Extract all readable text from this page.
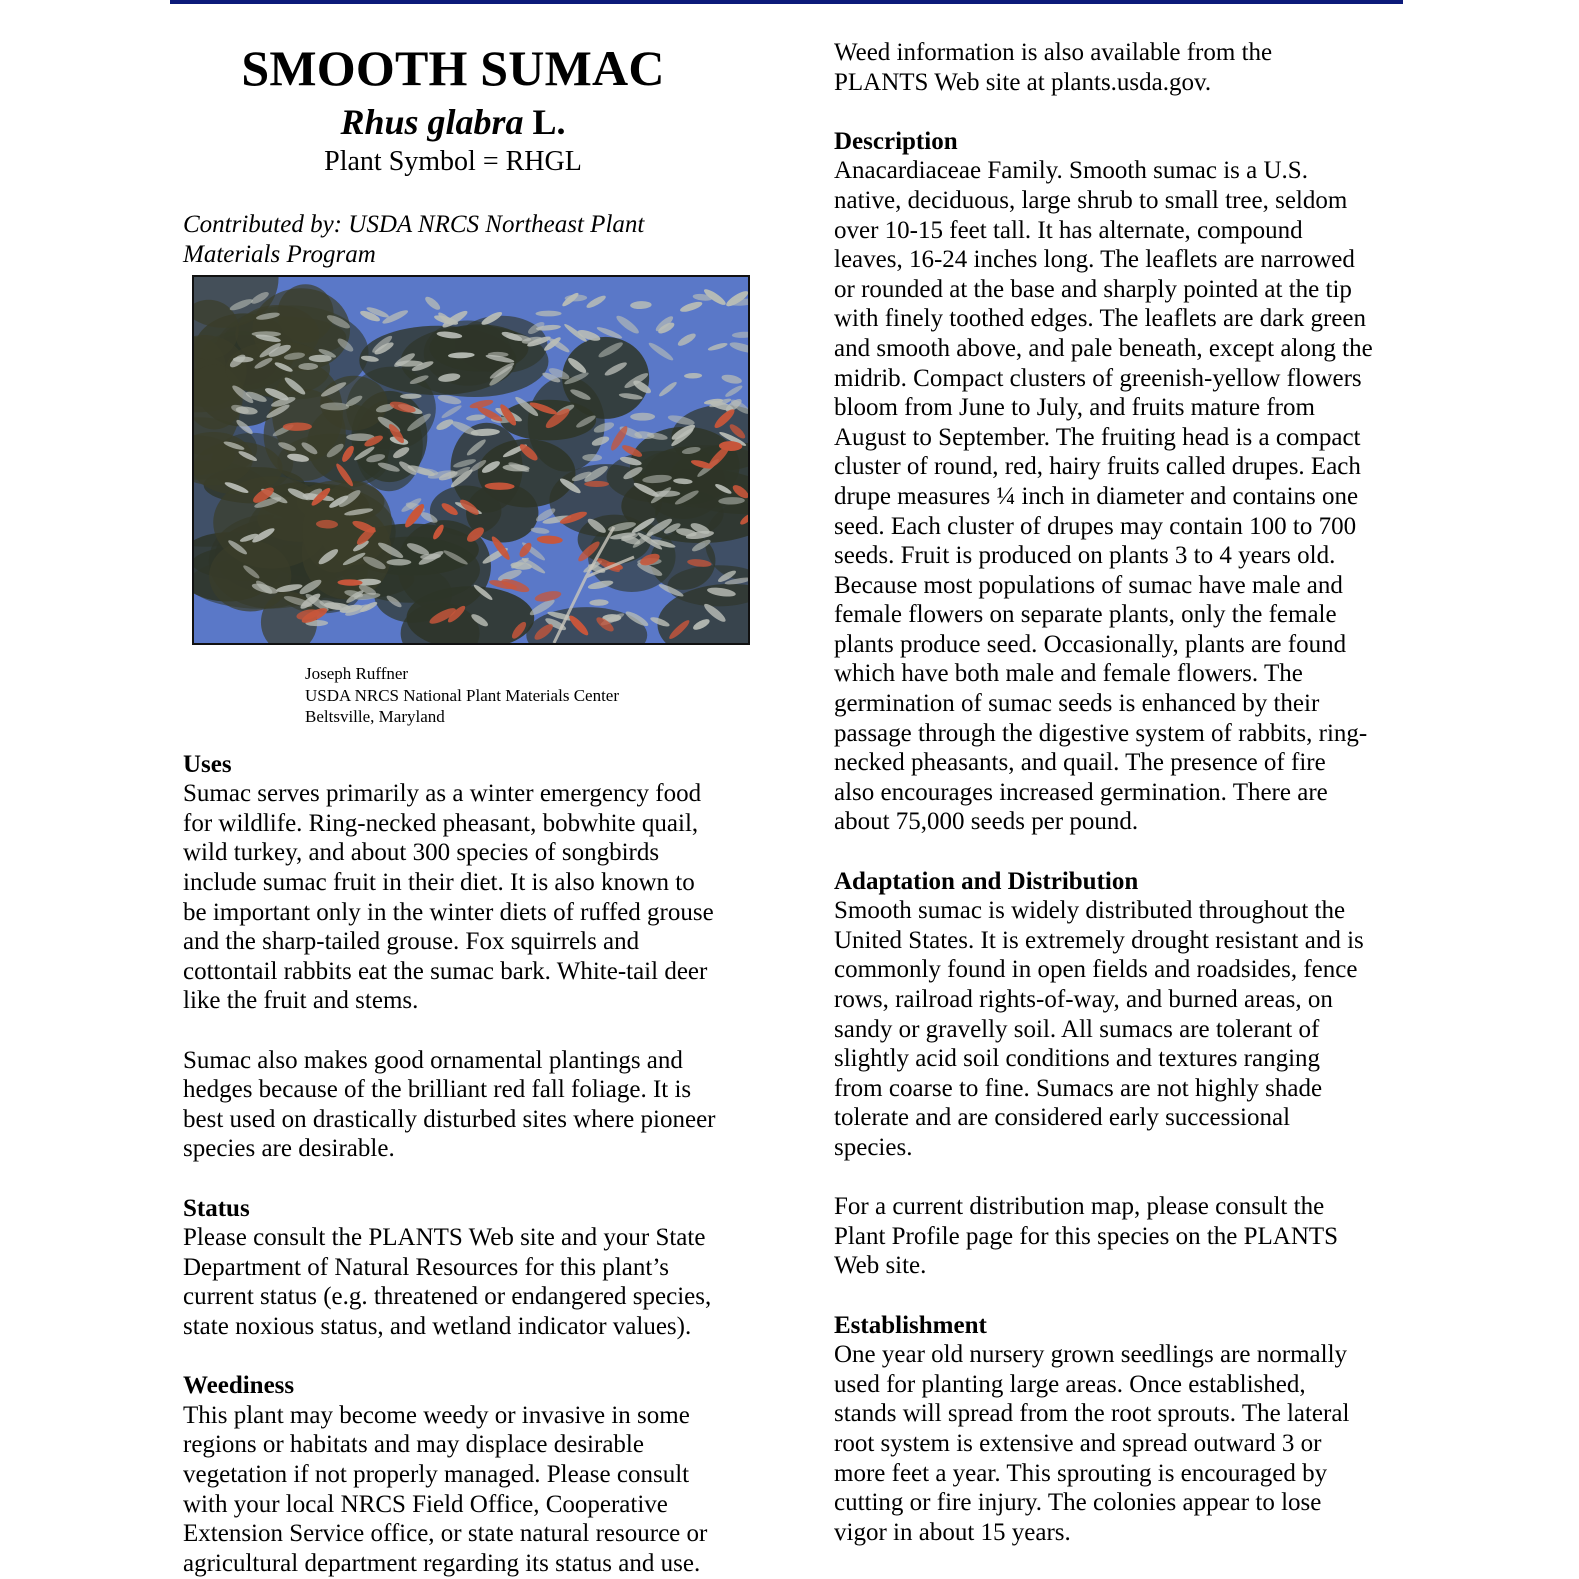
SMOOTH SUMAC

Rhus glabra L.

Plant Symbol = RHGL

Contributed by: USDA NRCS Northeast Plant
Materials Program
Joseph Ruffner
USDA NRCS National Plant Materials Center
Beltsville, Maryland
Uses
Sumac serves primarily as a winter emergency food
for wildlife. Ring-necked pheasant, bobwhite quail,
wild turkey, and about 300 species of songbirds
include sumac fruit in their diet. It is also known to
be important only in the winter diets of ruffed grouse
and the sharp-tailed grouse. Fox squirrels and
cottontail rabbits eat the sumac bark. White-tail deer
like the fruit and stems.
Sumac also makes good ornamental plantings and
hedges because of the brilliant red fall foliage. It is
best used on drastically disturbed sites where pioneer
species are desirable.
Status
Please consult the PLANTS Web site and your State
Department of Natural Resources for this plant’s
current status (e.g. threatened or endangered species,
state noxious status, and wetland indicator values).
Weediness
This plant may become weedy or invasive in some
regions or habitats and may displace desirable
vegetation if not properly managed. Please consult
with your local NRCS Field Office, Cooperative
Extension Service office, or state natural resource or
agricultural department regarding its status and use.
Weed information is also available from the
PLANTS Web site at plants.usda.gov.
Description
Anacardiaceae Family. Smooth sumac is a U.S.
native, deciduous, large shrub to small tree, seldom
over 10-15 feet tall. It has alternate, compound
leaves, 16-24 inches long. The leaflets are narrowed
or rounded at the base and sharply pointed at the tip
with finely toothed edges. The leaflets are dark green
and smooth above, and pale beneath, except along the
midrib. Compact clusters of greenish-yellow flowers
bloom from June to July, and fruits mature from
August to September. The fruiting head is a compact
cluster of round, red, hairy fruits called drupes. Each
drupe measures ¼ inch in diameter and contains one
seed. Each cluster of drupes may contain 100 to 700
seeds. Fruit is produced on plants 3 to 4 years old.
Because most populations of sumac have male and
female flowers on separate plants, only the female
plants produce seed. Occasionally, plants are found
which have both male and female flowers. The
germination of sumac seeds is enhanced by their
passage through the digestive system of rabbits, ring-
necked pheasants, and quail. The presence of fire
also encourages increased germination. There are
about 75,000 seeds per pound.
Adaptation and Distribution
Smooth sumac is widely distributed throughout the
United States. It is extremely drought resistant and is
commonly found in open fields and roadsides, fence
rows, railroad rights-of-way, and burned areas, on
sandy or gravelly soil. All sumacs are tolerant of
slightly acid soil conditions and textures ranging
from coarse to fine. Sumacs are not highly shade
tolerate and are considered early successional
species.
For a current distribution map, please consult the
Plant Profile page for this species on the PLANTS
Web site.
Establishment
One year old nursery grown seedlings are normally
used for planting large areas. Once established,
stands will spread from the root sprouts. The lateral
root system is extensive and spread outward 3 or
more feet a year. This sprouting is encouraged by
cutting or fire injury. The colonies appear to lose
vigor in about 15 years.
